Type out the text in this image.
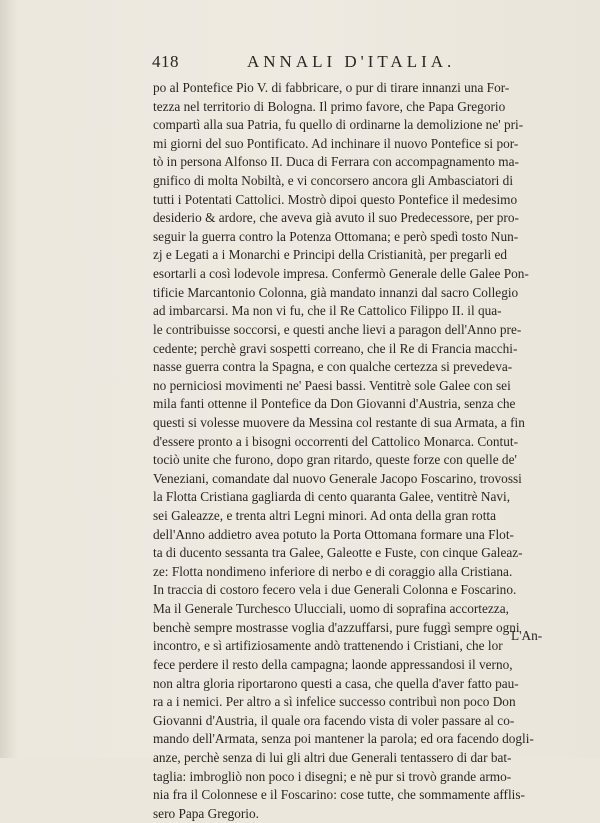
418	ANNALI D'ITALIA.
po al Pontefice Pio V. di fabbricare, o pur di tirare innanzi una For-
tezza nel territorio di Bologna. Il primo favore, che Papa Gregorio
compartì alla sua Patria, fu quello di ordinarne la demolizione ne' pri-
mi giorni del suo Pontificato. Ad inchinare il nuovo Pontefice si por-
tò in persona Alfonso II. Duca di Ferrara con accompagnamento ma-
gnifico di molta Nobiltà, e vi concorsero ancora gli Ambasciatori di
tutti i Potentati Cattolici. Mostrò dipoi questo Pontefice il medesimo
desiderio & ardore, che aveva già avuto il suo Predecessore, per pro-
seguir la guerra contro la Potenza Ottomana; e però spedì tosto Nun-
zj e Legati a i Monarchi e Principi della Cristianità, per pregarli ed
esortarli a così lodevole impresa. Confermò Generale delle Galee Pon-
tificie Marcantonio Colonna, già mandato innanzi dal sacro Collegio
ad imbarcarsi. Ma non vi fu, che il Re Cattolico Filippo II. il qua-
le contribuisse soccorsi, e questi anche lievi a paragon dell'Anno pre-
cedente; perchè gravi sospetti correano, che il Re di Francia macchi-
nasse guerra contra la Spagna, e con qualche certezza si prevedeva-
no perniciosi movimenti ne' Paesi bassi. Ventitrè sole Galee con sei
mila fanti ottenne il Pontefice da Don Giovanni d'Austria, senza che
questi si volesse muovere da Messina col restante di sua Armata, a fin
d'essere pronto a i bisogni occorrenti del Cattolico Monarca. Contut-
tociò unite che furono, dopo gran ritardo, queste forze con quelle de'
Veneziani, comandate dal nuovo Generale Jacopo Foscarino, trovossi
la Flotta Cristiana gagliarda di cento quaranta Galee, ventitrè Navi,
sei Galeazze, e trenta altri Legni minori. Ad onta della gran rotta
dell'Anno addietro avea potuto la Porta Ottomana formare una Flot-
ta di ducento sessanta tra Galee, Galeotte e Fuste, con cinque Galeaz-
ze: Flotta nondimeno inferiore di nerbo e di coraggio alla Cristiana.
In traccia di costoro fecero vela i due Generali Colonna e Foscarino.
Ma il Generale Turchesco Ulucciali, uomo di soprafina accortezza,
benchè sempre mostrasse voglia d'azzuffarsi, pure fuggì sempre ogni
incontro, e sì artifiziosamente andò trattenendo i Cristiani, che lor
fece perdere il resto della campagna; laonde appressandosi il verno,
non altra gloria riportarono questi a casa, che quella d'aver fatto pau-
ra a i nemici. Per altro a sì infelice successo contribuì non poco Don
Giovanni d'Austria, il quale ora facendo vista di voler passare al co-
mando dell'Armata, senza poi mantener la parola; ed ora facendo dogli-
anze, perchè senza di lui gli altri due Generali tentassero di dar bat-
taglia: imbrogliò non poco i disegni; e nè pur si trovò grande armo-
nia fra il Colonnese e il Foscarino: cose tutte, che sommamente afflis-
sero Papa Gregorio.
L'An-
